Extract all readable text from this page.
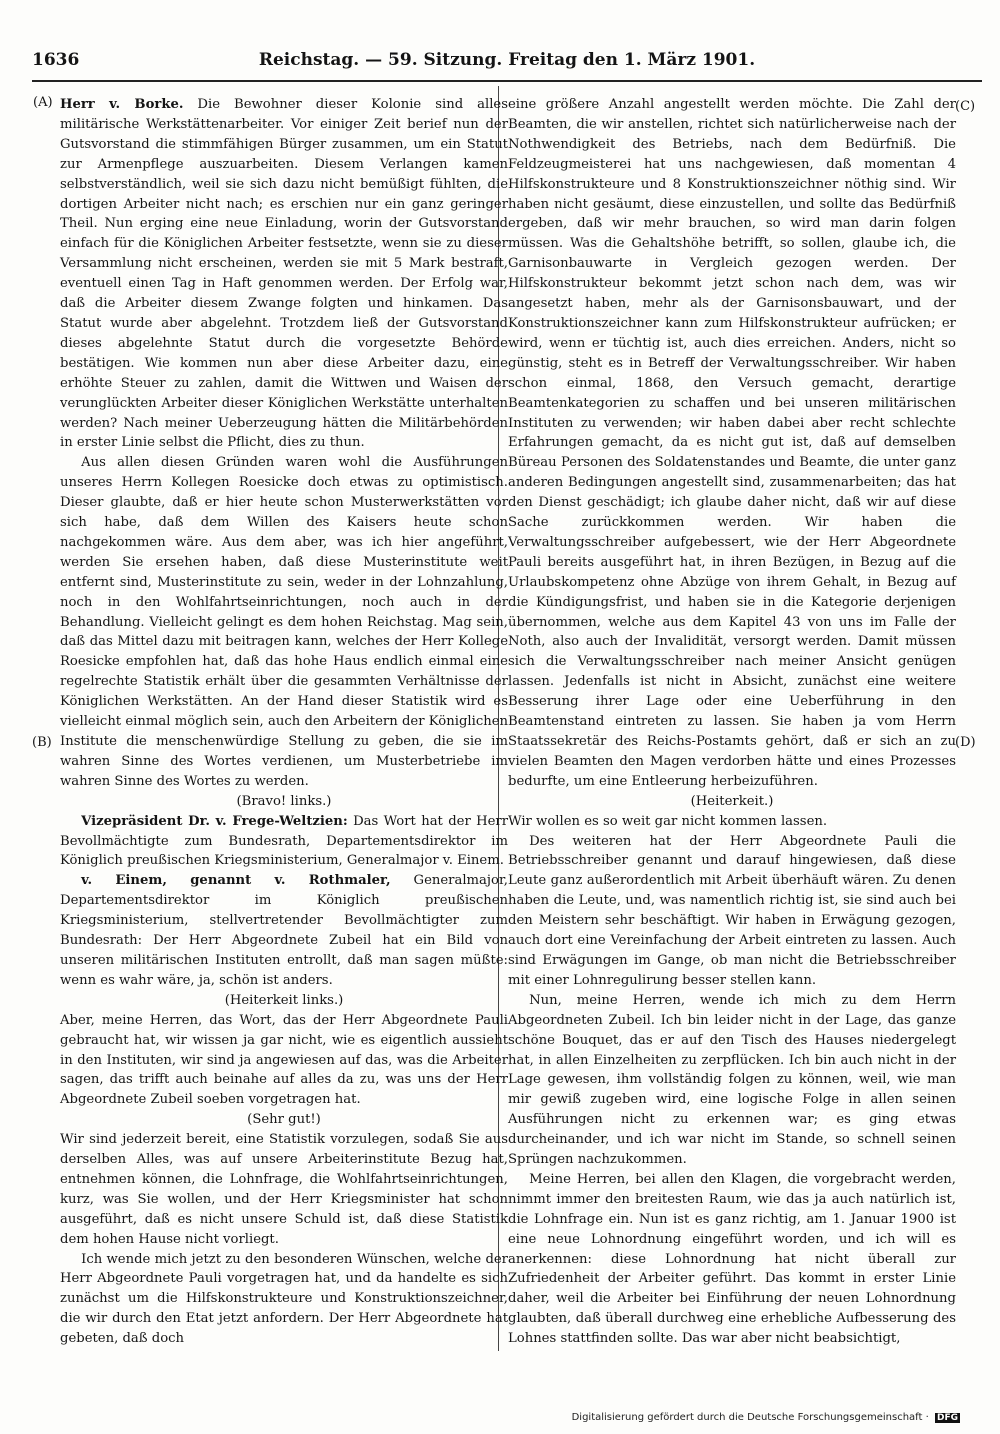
1636	Reichstag. — 59. Sitzung. Freitag den 1. März 1901.
(A)
(B)
(C)
(D)

Herr v. Borke. Die Bewohner dieser Kolonie sind alles militärische Werkstättenarbeiter. Vor einiger Zeit berief nun der Gutsvorstand die stimmfähigen Bürger zusammen, um ein Statut zur Armenpflege auszuarbeiten. Diesem Verlangen kamen selbstverständlich, weil sie sich dazu nicht bemüßigt fühlten, die dortigen Arbeiter nicht nach; es erschien nur ein ganz geringer Theil. Nun erging eine neue Einladung, worin der Gutsvorstand einfach für die Königlichen Arbeiter festsetzte, wenn sie zu dieser Versammlung nicht erscheinen, werden sie mit 5 Mark bestraft, eventuell einen Tag in Haft genommen werden. Der Erfolg war, daß die Arbeiter diesem Zwange folgten und hinkamen. Das Statut wurde aber abgelehnt. Trotzdem ließ der Gutsvorstand dieses abgelehnte Statut durch die vorgesetzte Behörde bestätigen. Wie kommen nun aber diese Arbeiter dazu, eine erhöhte Steuer zu zahlen, damit die Wittwen und Waisen der verunglückten Arbeiter dieser Königlichen Werkstätte unterhalten werden? Nach meiner Ueberzeugung hätten die Militärbehörden in erster Linie selbst die Pflicht, dies zu thun.

Aus allen diesen Gründen waren wohl die Ausführungen unseres Herrn Kollegen Roesicke doch etwas zu optimistisch. Dieser glaubte, daß er hier heute schon Musterwerkstätten vor sich habe, daß dem Willen des Kaisers heute schon nachgekommen wäre. Aus dem aber, was ich hier angeführt, werden Sie ersehen haben, daß diese Musterinstitute weit entfernt sind, Musterinstitute zu sein, weder in der Lohnzahlung, noch in den Wohlfahrtseinrichtungen, noch auch in der Behandlung. Vielleicht gelingt es dem hohen Reichstag. Mag sein, daß das Mittel dazu mit beitragen kann, welches der Herr Kollege Roesicke empfohlen hat, daß das hohe Haus endlich einmal eine regelrechte Statistik erhält über die gesammten Verhältnisse der Königlichen Werkstätten. An der Hand dieser Statistik wird es vielleicht einmal möglich sein, auch den Arbeitern der Königlichen Institute die menschenwürdige Stellung zu geben, die sie im wahren Sinne des Wortes verdienen, um Musterbetriebe im wahren Sinne des Wortes zu werden.

(Bravo! links.)

Vizepräsident Dr. v. Frege-Weltzien: Das Wort hat der Herr Bevollmächtigte zum Bundesrath, Departementsdirektor im Königlich preußischen Kriegsministerium, Generalmajor v. Einem.

v. Einem, genannt v. Rothmaler, Generalmajor, Departementsdirektor im Königlich preußischen Kriegsministerium, stellvertretender Bevollmächtigter zum Bundesrath: Der Herr Abgeordnete Zubeil hat ein Bild von unseren militärischen Instituten entrollt, daß man sagen müßte: wenn es wahr wäre, ja, schön ist anders.

(Heiterkeit links.)

Aber, meine Herren, das Wort, das der Herr Abgeordnete Pauli gebraucht hat, wir wissen ja gar nicht, wie es eigentlich aussieht in den Instituten, wir sind ja angewiesen auf das, was die Arbeiter sagen, das trifft auch beinahe auf alles da zu, was uns der Herr Abgeordnete Zubeil soeben vorgetragen hat.

(Sehr gut!)

Wir sind jederzeit bereit, eine Statistik vorzulegen, sodaß Sie aus derselben Alles, was auf unsere Arbeiterinstitute Bezug hat, entnehmen können, die Lohnfrage, die Wohlfahrtseinrichtungen, kurz, was Sie wollen, und der Herr Kriegsminister hat schon ausgeführt, daß es nicht unsere Schuld ist, daß diese Statistik dem hohen Hause nicht vorliegt.

Ich wende mich jetzt zu den besonderen Wünschen, welche der Herr Abgeordnete Pauli vorgetragen hat, und da handelte es sich zunächst um die Hilfskonstrukteure und Konstruktionszeichner, die wir durch den Etat jetzt anfordern. Der Herr Abgeordnete hat gebeten, daß doch

eine größere Anzahl angestellt werden möchte. Die Zahl der Beamten, die wir anstellen, richtet sich natürlicherweise nach der Nothwendigkeit des Betriebs, nach dem Bedürfniß. Die Feldzeugmeisterei hat uns nachgewiesen, daß momentan 4 Hilfskonstrukteure und 8 Konstruktionszeichner nöthig sind. Wir haben nicht gesäumt, diese einzustellen, und sollte das Bedürfniß ergeben, daß wir mehr brauchen, so wird man darin folgen müssen. Was die Gehaltshöhe betrifft, so sollen, glaube ich, die Garnisonbauwarte in Vergleich gezogen werden. Der Hilfskonstrukteur bekommt jetzt schon nach dem, was wir angesetzt haben, mehr als der Garnisonsbauwart, und der Konstruktionszeichner kann zum Hilfskonstrukteur aufrücken; er wird, wenn er tüchtig ist, auch dies erreichen. Anders, nicht so günstig, steht es in Betreff der Verwaltungsschreiber. Wir haben schon einmal, 1868, den Versuch gemacht, derartige Beamtenkategorien zu schaffen und bei unseren militärischen Instituten zu verwenden; wir haben dabei aber recht schlechte Erfahrungen gemacht, da es nicht gut ist, daß auf demselben Büreau Personen des Soldatenstandes und Beamte, die unter ganz anderen Bedingungen angestellt sind, zusammenarbeiten; das hat den Dienst geschädigt; ich glaube daher nicht, daß wir auf diese Sache zurückkommen werden. Wir haben die Verwaltungsschreiber aufgebessert, wie der Herr Abgeordnete Pauli bereits ausgeführt hat, in ihren Bezügen, in Bezug auf die Urlaubskompetenz ohne Abzüge von ihrem Gehalt, in Bezug auf die Kündigungsfrist, und haben sie in die Kategorie derjenigen übernommen, welche aus dem Kapitel 43 von uns im Falle der Noth, also auch der Invalidität, versorgt werden. Damit müssen sich die Verwaltungsschreiber nach meiner Ansicht genügen lassen. Jedenfalls ist nicht in Absicht, zunächst eine weitere Besserung ihrer Lage oder eine Ueberführung in den Beamtenstand eintreten zu lassen. Sie haben ja vom Herrn Staatssekretär des Reichs-Postamts gehört, daß er sich an zu vielen Beamten den Magen verdorben hätte und eines Prozesses bedurfte, um eine Entleerung herbeizuführen.

(Heiterkeit.)

Wir wollen es so weit gar nicht kommen lassen.

Des weiteren hat der Herr Abgeordnete Pauli die Betriebsschreiber genannt und darauf hingewiesen, daß diese Leute ganz außerordentlich mit Arbeit überhäuft wären. Zu denen haben die Leute, und, was namentlich richtig ist, sie sind auch bei den Meistern sehr beschäftigt. Wir haben in Erwägung gezogen, auch dort eine Vereinfachung der Arbeit eintreten zu lassen. Auch sind Erwägungen im Gange, ob man nicht die Betriebsschreiber mit einer Lohnregulirung besser stellen kann.

Nun, meine Herren, wende ich mich zu dem Herrn Abgeordneten Zubeil. Ich bin leider nicht in der Lage, das ganze schöne Bouquet, das er auf den Tisch des Hauses niedergelegt hat, in allen Einzelheiten zu zerpflücken. Ich bin auch nicht in der Lage gewesen, ihm vollständig folgen zu können, weil, wie man mir gewiß zugeben wird, eine logische Folge in allen seinen Ausführungen nicht zu erkennen war; es ging etwas durcheinander, und ich war nicht im Stande, so schnell seinen Sprüngen nachzukommen.

Meine Herren, bei allen den Klagen, die vorgebracht werden, nimmt immer den breitesten Raum, wie das ja auch natürlich ist, die Lohnfrage ein. Nun ist es ganz richtig, am 1. Januar 1900 ist eine neue Lohnordnung eingeführt worden, und ich will es anerkennen: diese Lohnordnung hat nicht überall zur Zufriedenheit der Arbeiter geführt. Das kommt in erster Linie daher, weil die Arbeiter bei Einführung der neuen Lohnordnung glaubten, daß überall durchweg eine erhebliche Aufbesserung des Lohnes stattfinden sollte. Das war aber nicht beabsichtigt,

Digitalisierung gefördert durch die Deutsche Forschungsgemeinschaft · DFG
